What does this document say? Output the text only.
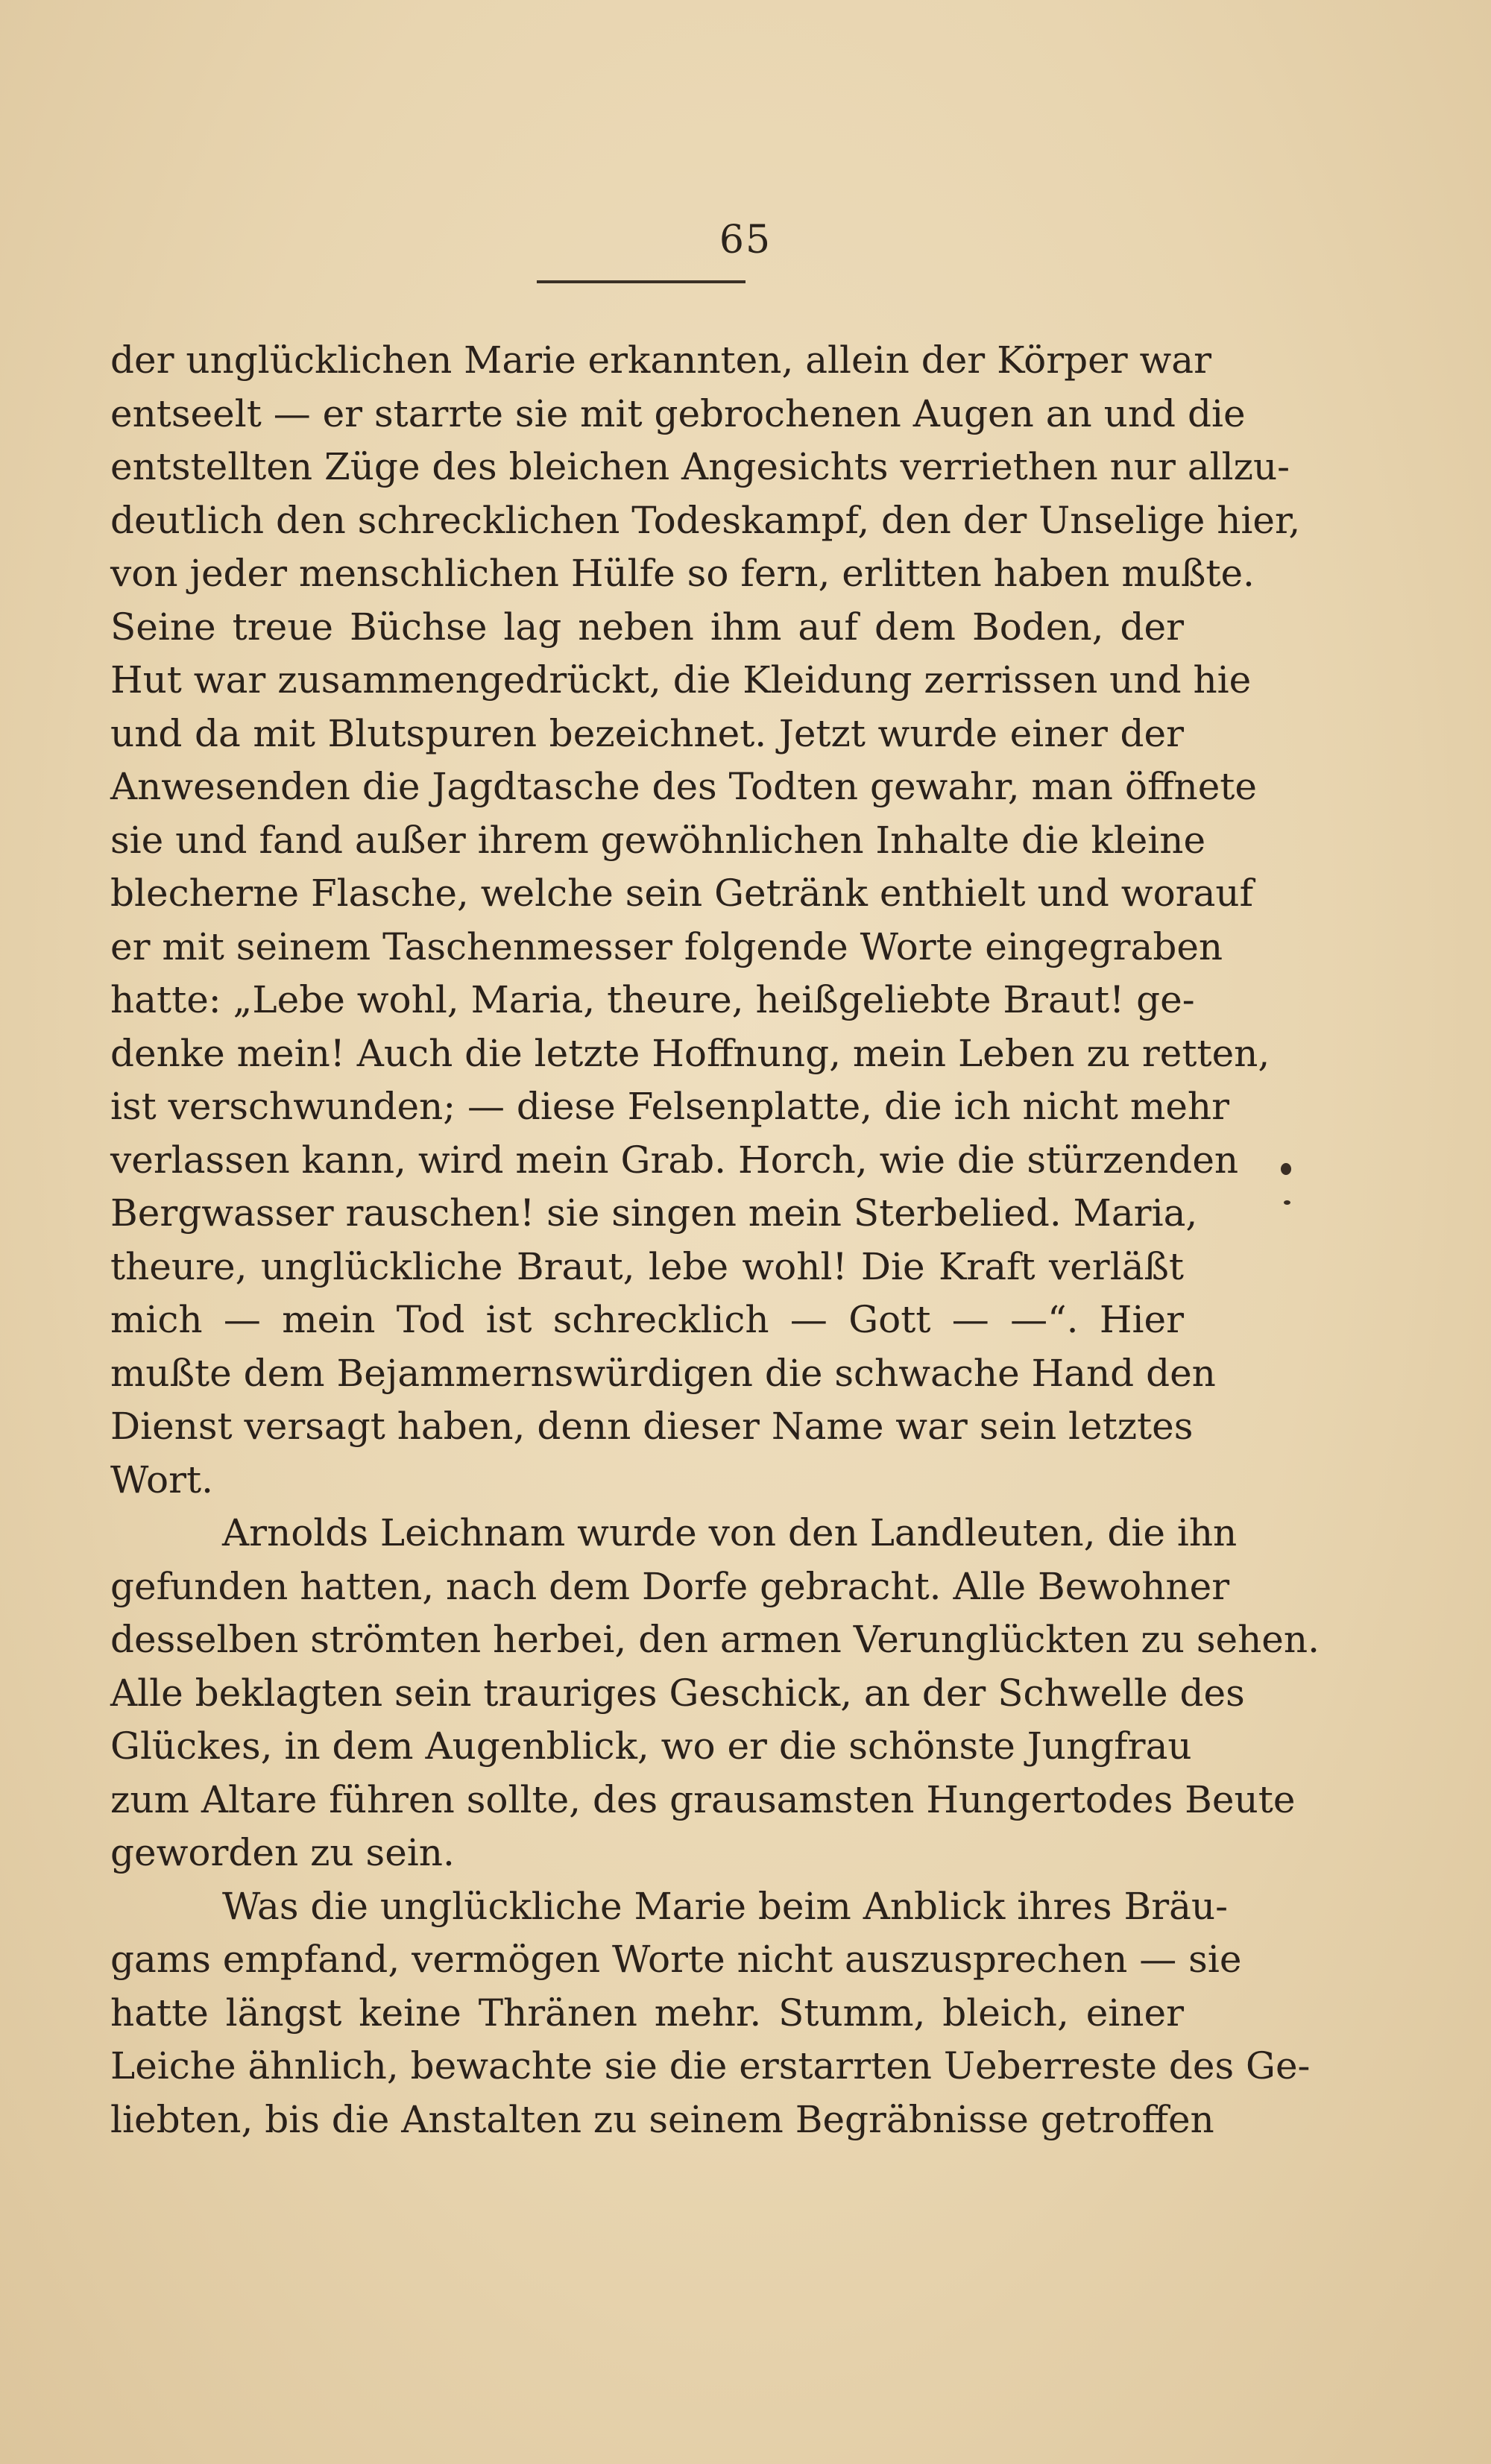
65
der unglücklichen Marie erkannten, allein der Körper war
entseelt — er starrte sie mit gebrochenen Augen an und die
entstellten Züge des bleichen Angesichts verriethen nur allzu-
deutlich den schrecklichen Todeskampf, den der Unselige hier,
von jeder menschlichen Hülfe so fern, erlitten haben mußte.
Seine treue Büchse lag neben ihm auf dem Boden, der
Hut war zusammengedrückt, die Kleidung zerrissen und hie
und da mit Blutspuren bezeichnet. Jetzt wurde einer der
Anwesenden die Jagdtasche des Todten gewahr, man öffnete
sie und fand außer ihrem gewöhnlichen Inhalte die kleine
blecherne Flasche, welche sein Getränk enthielt und worauf
er mit seinem Taschenmesser folgende Worte eingegraben
hatte: „Lebe wohl, Maria, theure, heißgeliebte Braut! ge-
denke mein! Auch die letzte Hoffnung, mein Leben zu retten,
ist verschwunden; — diese Felsenplatte, die ich nicht mehr
verlassen kann, wird mein Grab. Horch, wie die stürzenden
Bergwasser rauschen! sie singen mein Sterbelied. Maria,
theure, unglückliche Braut, lebe wohl! Die Kraft verläßt
mich — mein Tod ist schrecklich — Gott — —“. Hier
mußte dem Bejammernswürdigen die schwache Hand den
Dienst versagt haben, denn dieser Name war sein letztes
Wort.
Arnolds Leichnam wurde von den Landleuten, die ihn
gefunden hatten, nach dem Dorfe gebracht. Alle Bewohner
desselben strömten herbei, den armen Verunglückten zu sehen.
Alle beklagten sein trauriges Geschick, an der Schwelle des
Glückes, in dem Augenblick, wo er die schönste Jungfrau
zum Altare führen sollte, des grausamsten Hungertodes Beute
geworden zu sein.
Was die unglückliche Marie beim Anblick ihres Bräu-
gams empfand, vermögen Worte nicht auszusprechen — sie
hatte längst keine Thränen mehr. Stumm, bleich, einer
Leiche ähnlich, bewachte sie die erstarrten Ueberreste des Ge-
liebten, bis die Anstalten zu seinem Begräbnisse getroffen
